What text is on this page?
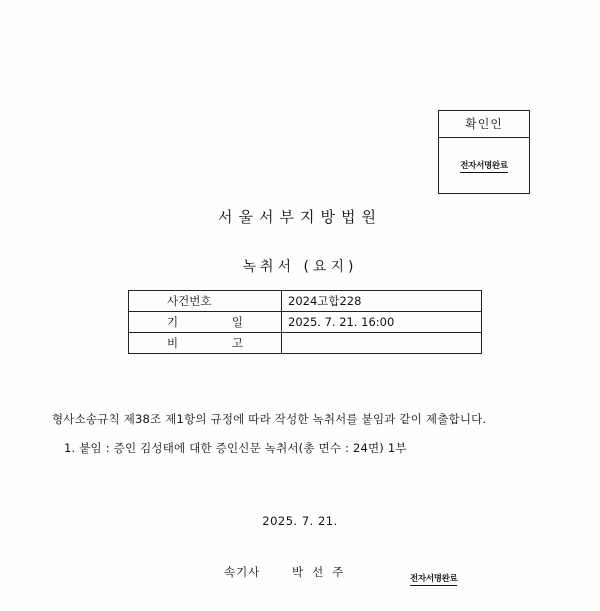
확인인
전자서명완료
서울서부지방법원
녹취서 (요지)
사건번호	2024고합228
기 일	2025. 7. 21. 16:00
비 고	
형사소송규칙 제38조 제1항의 규정에 따라 작성한 녹취서를 붙임과 같이 제출합니다.
1. 붙임 : 증인 김성태에 대한 증인신문 녹취서(총 면수 : 24면) 1부
2025. 7. 21.
속기사	박선주	전자서명완료
